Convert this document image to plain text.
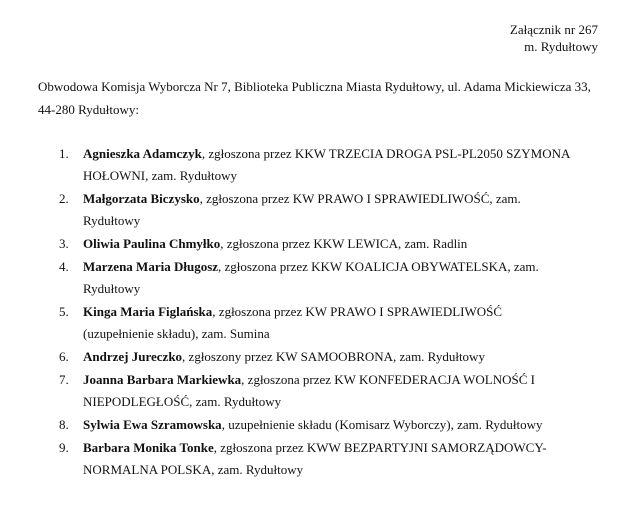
Załącznik nr 267
m. Rydułtowy
Obwodowa Komisja Wyborcza Nr 7, Biblioteka Publiczna Miasta Rydułtowy, ul. Adama Mickiewicza 33, 44-280 Rydułtowy:
1. Agnieszka Adamczyk, zgłoszona przez KKW TRZECIA DROGA PSL-PL2050 SZYMONA HOŁOWNI, zam. Rydułtowy
2. Małgorzata Biczysko, zgłoszona przez KW PRAWO I SPRAWIEDLIWOŚĆ, zam. Rydułtowy
3. Oliwia Paulina Chmyłko, zgłoszona przez KKW LEWICA, zam. Radlin
4. Marzena Maria Długosz, zgłoszona przez KKW KOALICJA OBYWATELSKA, zam. Rydułtowy
5. Kinga Maria Figlańska, zgłoszona przez KW PRAWO I SPRAWIEDLIWOŚĆ (uzupełnienie składu), zam. Sumina
6. Andrzej Jureczko, zgłoszony przez KW SAMOOBRONA, zam. Rydułtowy
7. Joanna Barbara Markiewka, zgłoszona przez KW KONFEDERACJA WOLNOŚĆ I NIEPODLEGŁOŚĆ, zam. Rydułtowy
8. Sylwia Ewa Szramowska, uzupełnienie składu (Komisarz Wyborczy), zam. Rydułtowy
9. Barbara Monika Tonke, zgłoszona przez KWW BEZPARTYJNI SAMORZĄDOWCY-NORMALNA POLSKA, zam. Rydułtowy
